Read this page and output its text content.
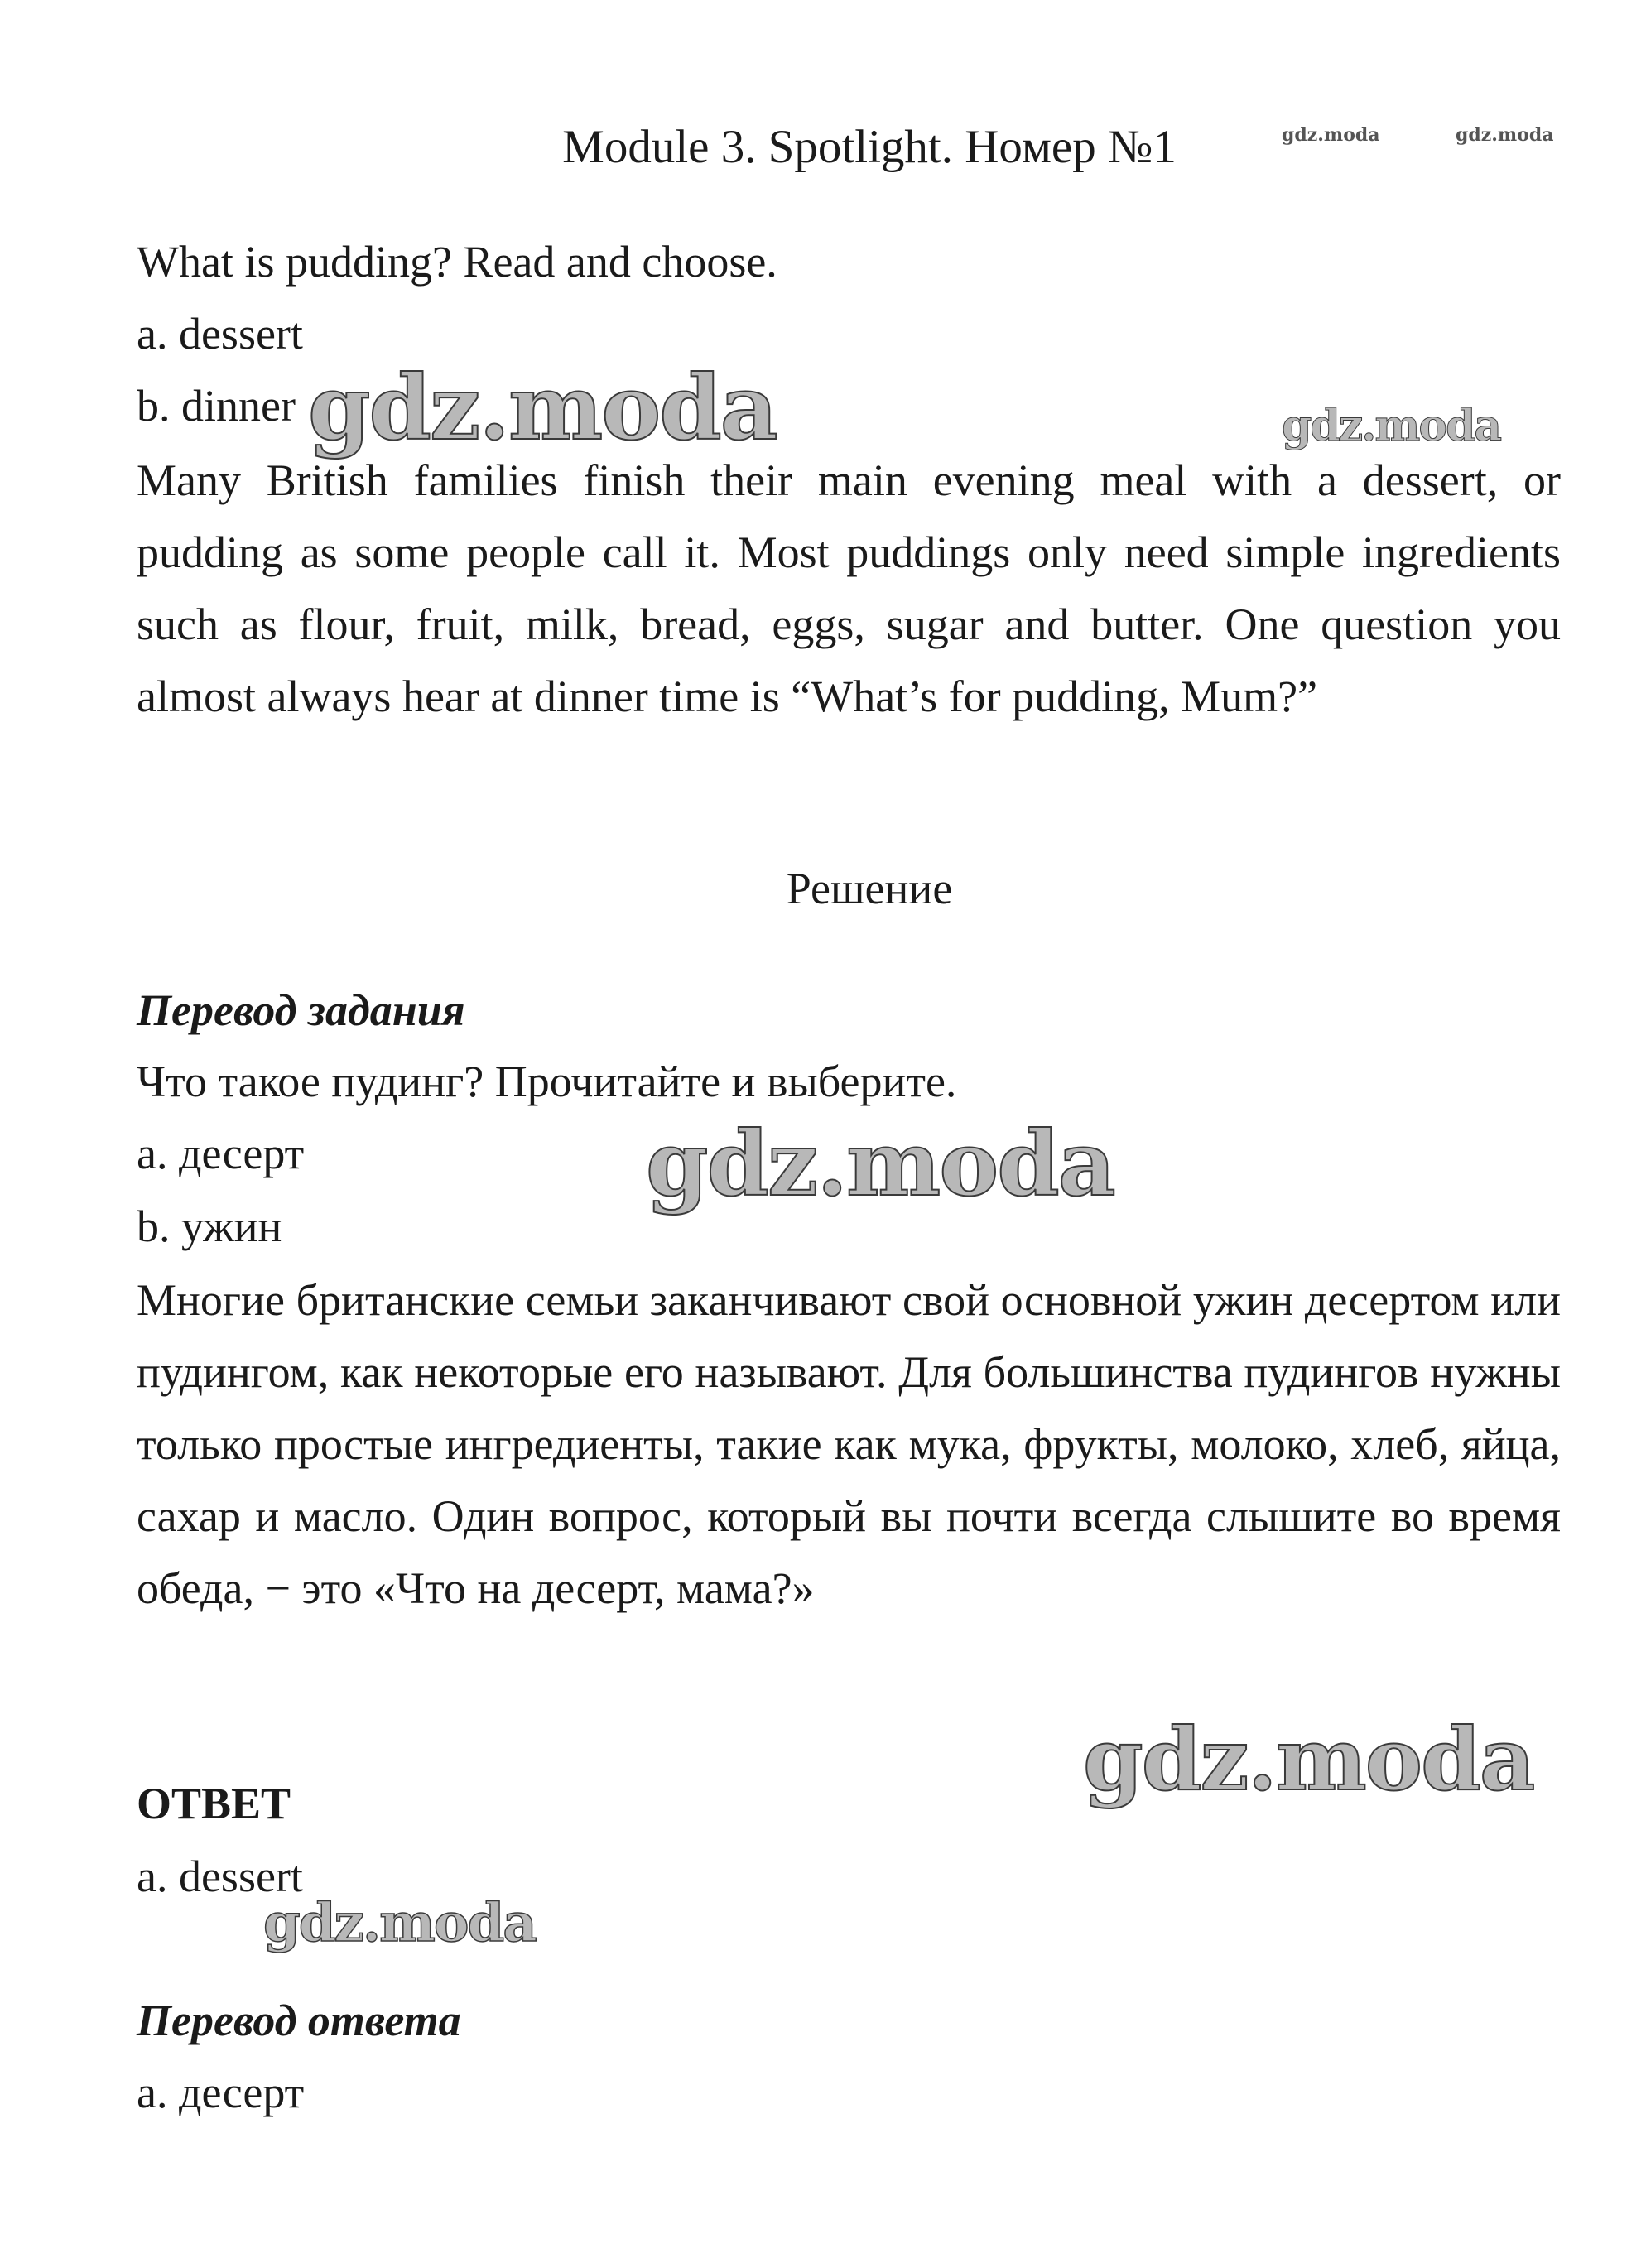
Module 3. Spotlight. Номер №1	gdz.moda	gdz.moda
What is pudding? Read and choose.
a. dessert
b. dinner gdz.moda	gdz.moda
Many British families finish their main evening meal with a dessert, or pudding as some people call it. Most puddings only need simple ingredients such as flour, fruit, milk, bread, eggs, sugar and butter. One question you almost always hear at dinner time is “What’s for pudding, Mum?”
Решение
Перевод задания
Что такое пудинг? Прочитайте и выберите.
a. десерт
b. ужин
gdz.moda
Многие британские семьи заканчивают свой основной ужин десертом или пудингом, как некоторые его называют. Для большинства пудингов нужны только простые ингредиенты, такие как мука, фрукты, молоко, хлеб, яйца, сахар и масло. Один вопрос, который вы почти всегда слышите во время обеда, − это «Что на десерт, мама?»
gdz.moda
ОТВЕТ
a. dessert
gdz.moda
Перевод ответа
a. десерт
